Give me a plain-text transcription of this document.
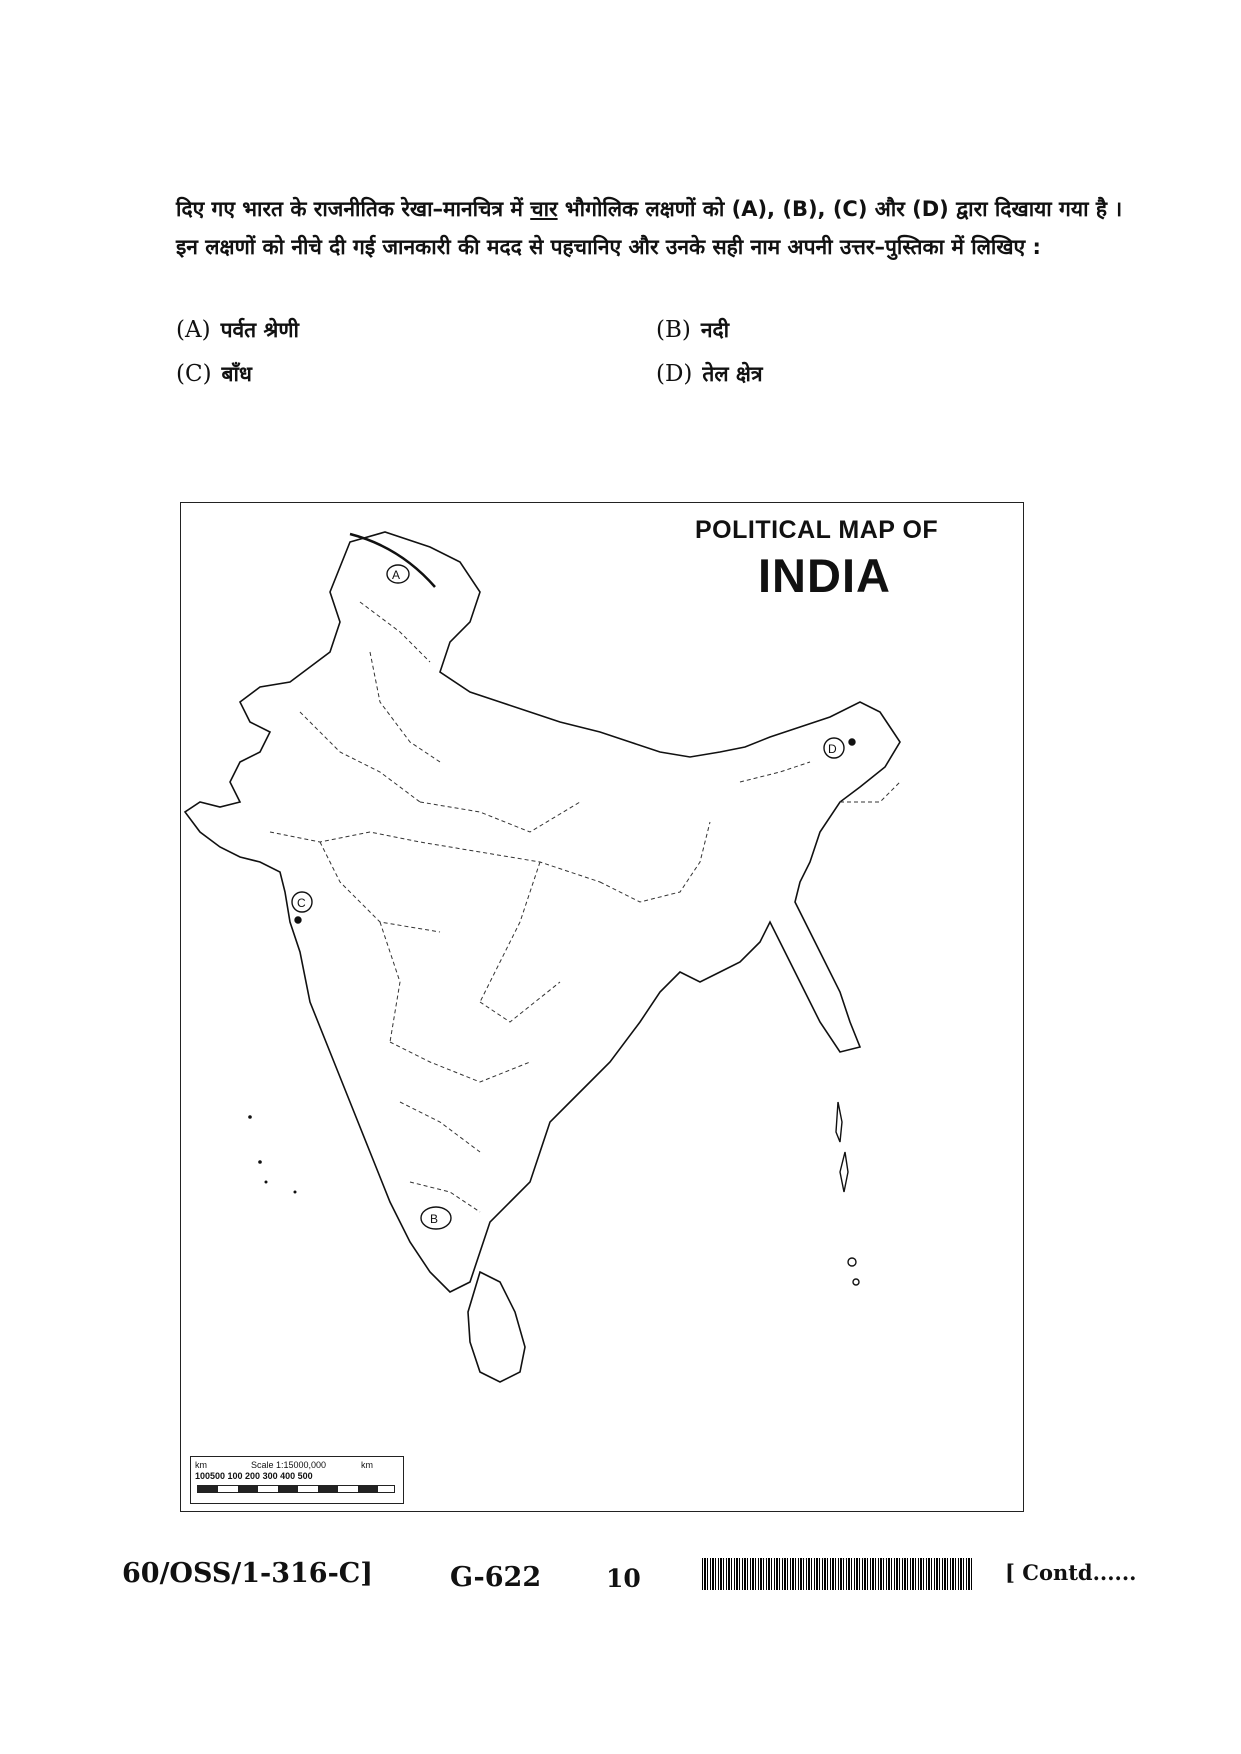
दिए गए भारत के राजनीतिक रेखा–मानचित्र में चार भौगोलिक लक्षणों को (A), (B), (C) और (D) द्वारा दिखाया गया है । इन लक्षणों को नीचे दी गई जानकारी की मदद से पहचानिए और उनके सही नाम अपनी उत्तर–पुस्तिका में लिखिए :
(A) पर्वत श्रेणी	(B) नदी
(C) बाँध	(D) तेल क्षेत्र
POLITICAL MAP OF
INDIA
A
B
C
D
km	Scale 1:15000,000	km
100500 100 200 300 400 500
60/OSS/1-316-C]	G-622	10	[ Contd......
